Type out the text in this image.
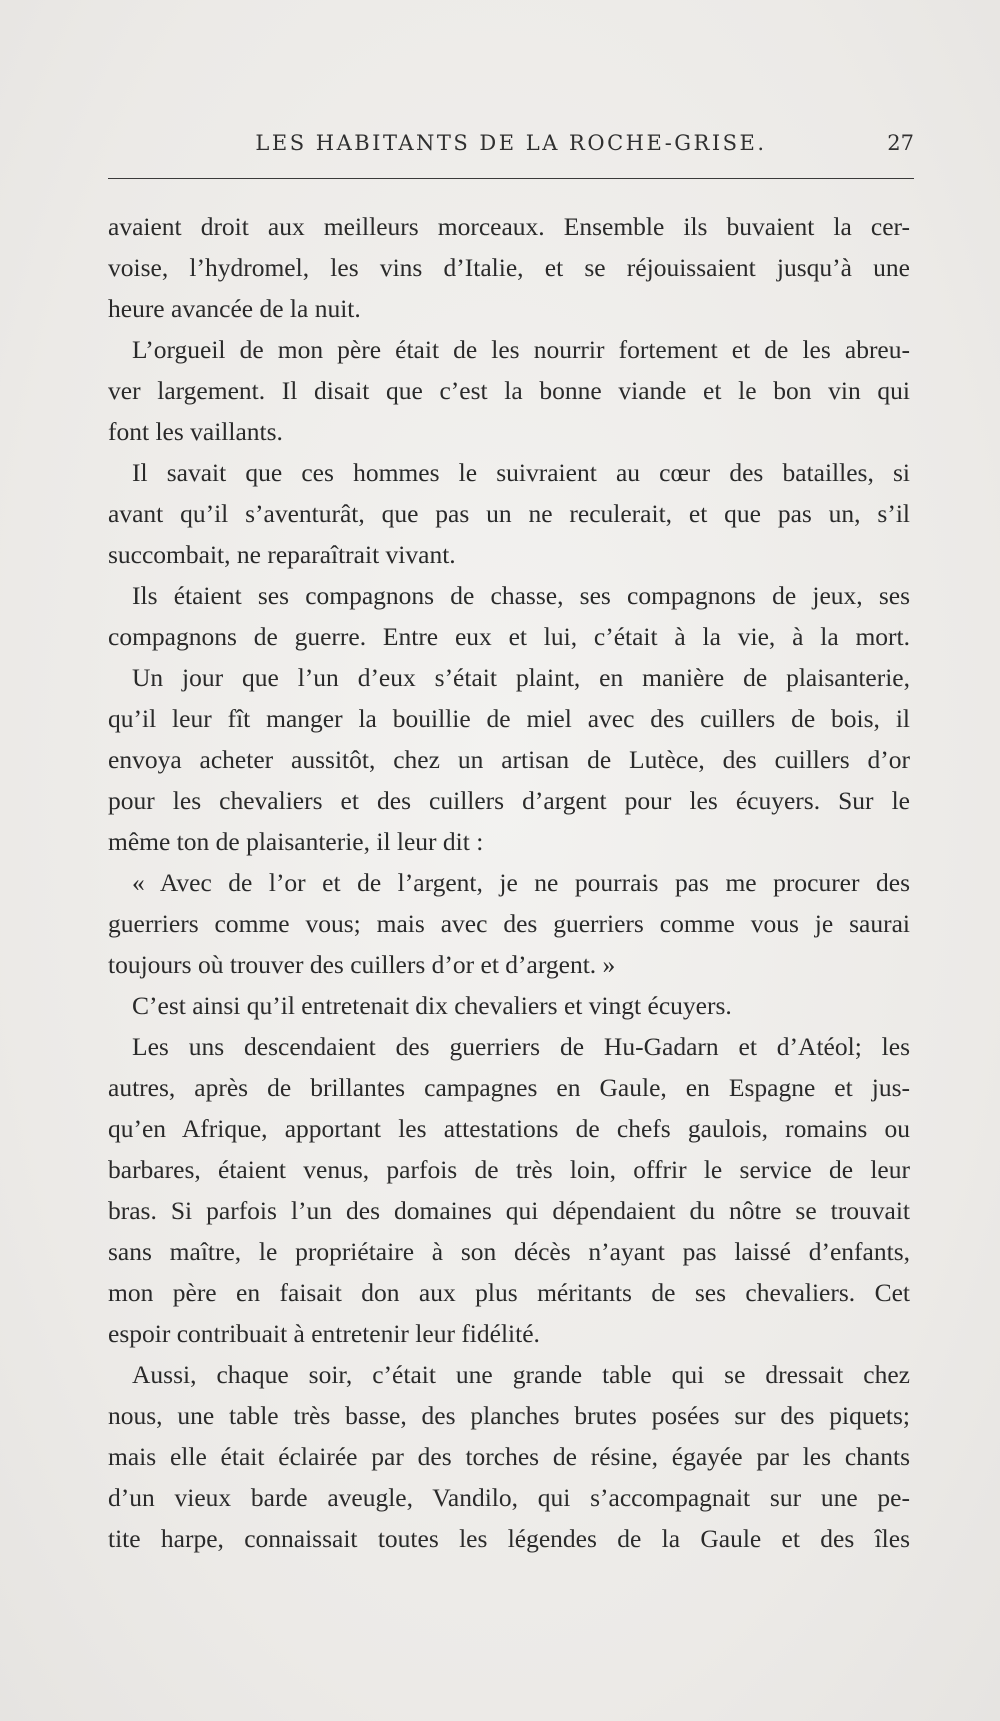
LES HABITANTS DE LA ROCHE-GRISE.	27
avaient droit aux meilleurs morceaux. Ensemble ils buvaient la cer-
voise, l’hydromel, les vins d’Italie, et se réjouissaient jusqu’à une
heure avancée de la nuit.
L’orgueil de mon père était de les nourrir fortement et de les abreu-
ver largement. Il disait que c’est la bonne viande et le bon vin qui
font les vaillants.
Il savait que ces hommes le suivraient au cœur des batailles, si
avant qu’il s’aventurât, que pas un ne reculerait, et que pas un, s’il
succombait, ne reparaîtrait vivant.
Ils étaient ses compagnons de chasse, ses compagnons de jeux, ses
compagnons de guerre. Entre eux et lui, c’était à la vie, à la mort.
Un jour que l’un d’eux s’était plaint, en manière de plaisanterie,
qu’il leur fît manger la bouillie de miel avec des cuillers de bois, il
envoya acheter aussitôt, chez un artisan de Lutèce, des cuillers d’or
pour les chevaliers et des cuillers d’argent pour les écuyers. Sur le
même ton de plaisanterie, il leur dit :
« Avec de l’or et de l’argent, je ne pourrais pas me procurer des
guerriers comme vous; mais avec des guerriers comme vous je saurai
toujours où trouver des cuillers d’or et d’argent. »
C’est ainsi qu’il entretenait dix chevaliers et vingt écuyers.
Les uns descendaient des guerriers de Hu-Gadarn et d’Atéol; les
autres, après de brillantes campagnes en Gaule, en Espagne et jus-
qu’en Afrique, apportant les attestations de chefs gaulois, romains ou
barbares, étaient venus, parfois de très loin, offrir le service de leur
bras. Si parfois l’un des domaines qui dépendaient du nôtre se trouvait
sans maître, le propriétaire à son décès n’ayant pas laissé d’enfants,
mon père en faisait don aux plus méritants de ses chevaliers. Cet
espoir contribuait à entretenir leur fidélité.
Aussi, chaque soir, c’était une grande table qui se dressait chez
nous, une table très basse, des planches brutes posées sur des piquets;
mais elle était éclairée par des torches de résine, égayée par les chants
d’un vieux barde aveugle, Vandilo, qui s’accompagnait sur une pe-
tite harpe, connaissait toutes les légendes de la Gaule et des îles
